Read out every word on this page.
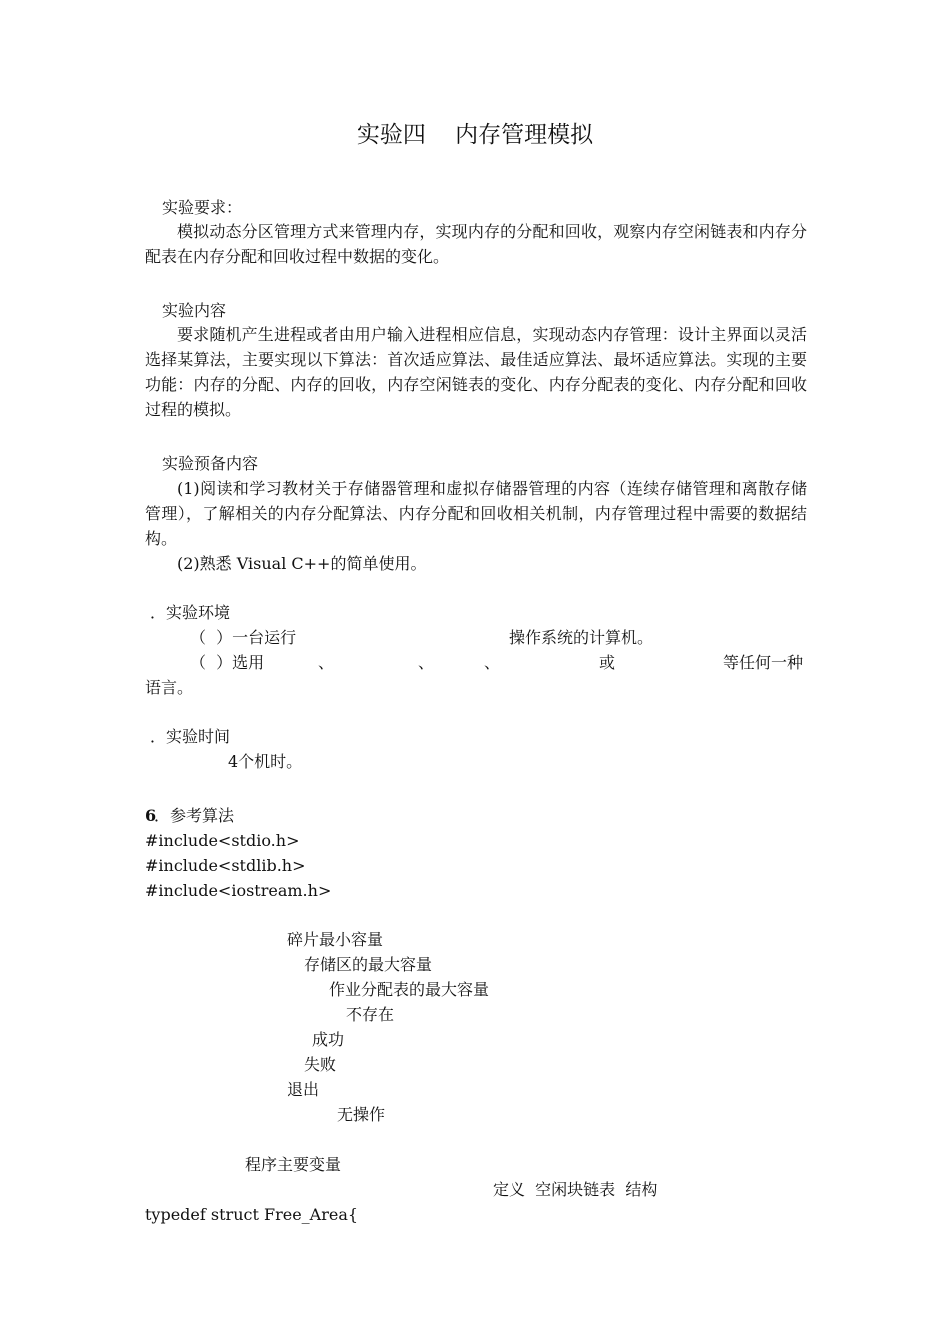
实验四    内存管理模拟
实验要求：
模拟动态分区管理方式来管理内存，实现内存的分配和回收，观察内存空闲链表和内存分配表在内存分配和回收过程中数据的变化。
实验内容
要求随机产生进程或者由用户输入进程相应信息，实现动态内存管理：设计主界面以灵活选择某算法，主要实现以下算法：首次适应算法、最佳适应算法、最坏适应算法。实现的主要功能：内存的分配、内存的回收，内存空闲链表的变化、内存分配表的变化、内存分配和回收过程的模拟。
实验预备内容
(1)阅读和学习教材关于存储器管理和虚拟存储器管理的内容（连续存储管理和离散存储管理），了解相关的内存分配算法、内存分配和回收相关机制，内存管理过程中需要的数据结构。
(2)熟悉 Visual C++的简单使用。
．实验环境
（  ）一台运行	操作系统的计算机。
（  ）选用	、	、	、	或	等任何一种
语言。
．实验时间
4个机时。
6
．参考算法
#include<stdio.h>
#include<stdlib.h>
#include<iostream.h>
碎片最小容量
存储区的最大容量
作业分配表的最大容量
不存在
成功
失败
退出
无操作
程序主要变量
定义  空闲块链表  结构
typedef struct Free_Area{
